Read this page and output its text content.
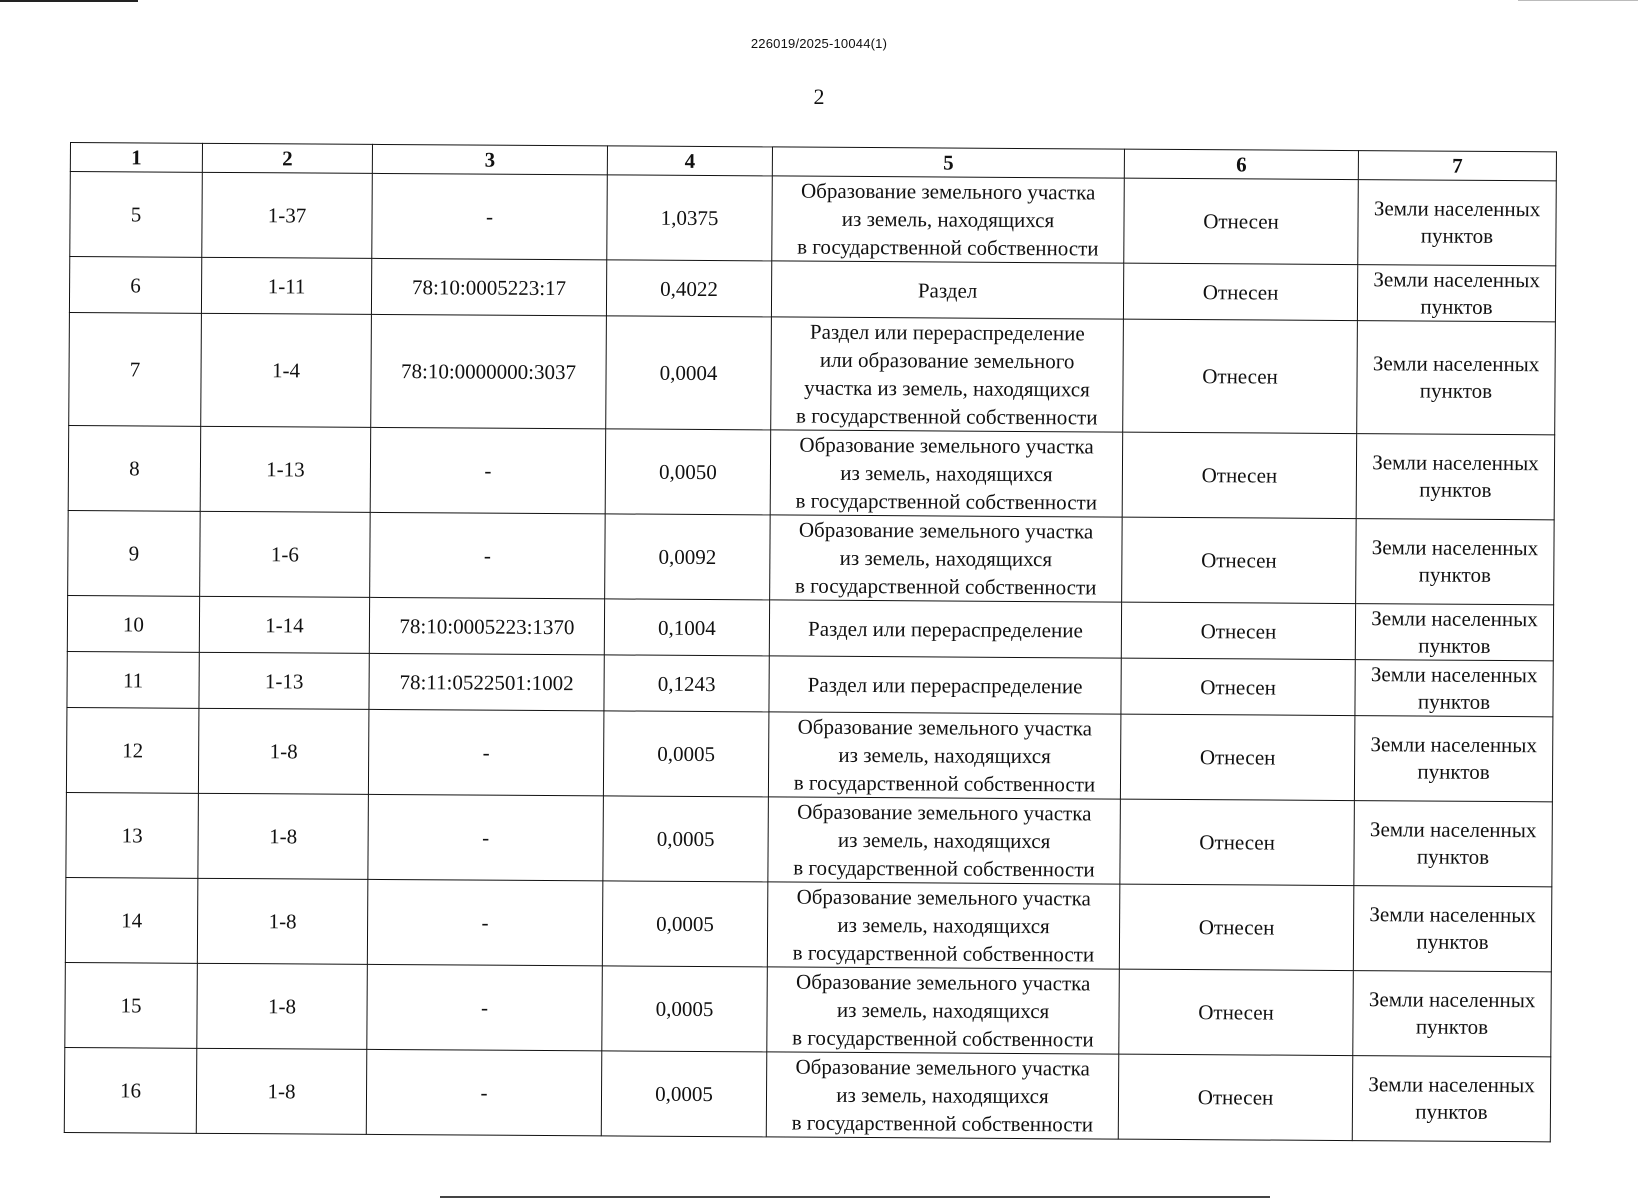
226019/2025-10044(1)
2
1	2	3	4	5	6	7
5	1-37	-	1,0375	Образование земельного участка
из земель, находящихся
в государственной собственности	Отнесен	Земли населенных
пунктов
6	1-11	78:10:0005223:17	0,4022	Раздел	Отнесен	Земли населенных
пунктов
7	1-4	78:10:0000000:3037	0,0004	Раздел или перераспределение
или образование земельного
участка из земель, находящихся
в государственной собственности	Отнесен	Земли населенных
пунктов
8	1-13	-	0,0050	Образование земельного участка
из земель, находящихся
в государственной собственности	Отнесен	Земли населенных
пунктов
9	1-6	-	0,0092	Образование земельного участка
из земель, находящихся
в государственной собственности	Отнесен	Земли населенных
пунктов
10	1-14	78:10:0005223:1370	0,1004	Раздел или перераспределение	Отнесен	Земли населенных
пунктов
11	1-13	78:11:0522501:1002	0,1243	Раздел или перераспределение	Отнесен	Земли населенных
пунктов
12	1-8	-	0,0005	Образование земельного участка
из земель, находящихся
в государственной собственности	Отнесен	Земли населенных
пунктов
13	1-8	-	0,0005	Образование земельного участка
из земель, находящихся
в государственной собственности	Отнесен	Земли населенных
пунктов
14	1-8	-	0,0005	Образование земельного участка
из земель, находящихся
в государственной собственности	Отнесен	Земли населенных
пунктов
15	1-8	-	0,0005	Образование земельного участка
из земель, находящихся
в государственной собственности	Отнесен	Земли населенных
пунктов
16	1-8	-	0,0005	Образование земельного участка
из земель, находящихся
в государственной собственности	Отнесен	Земли населенных
пунктов
